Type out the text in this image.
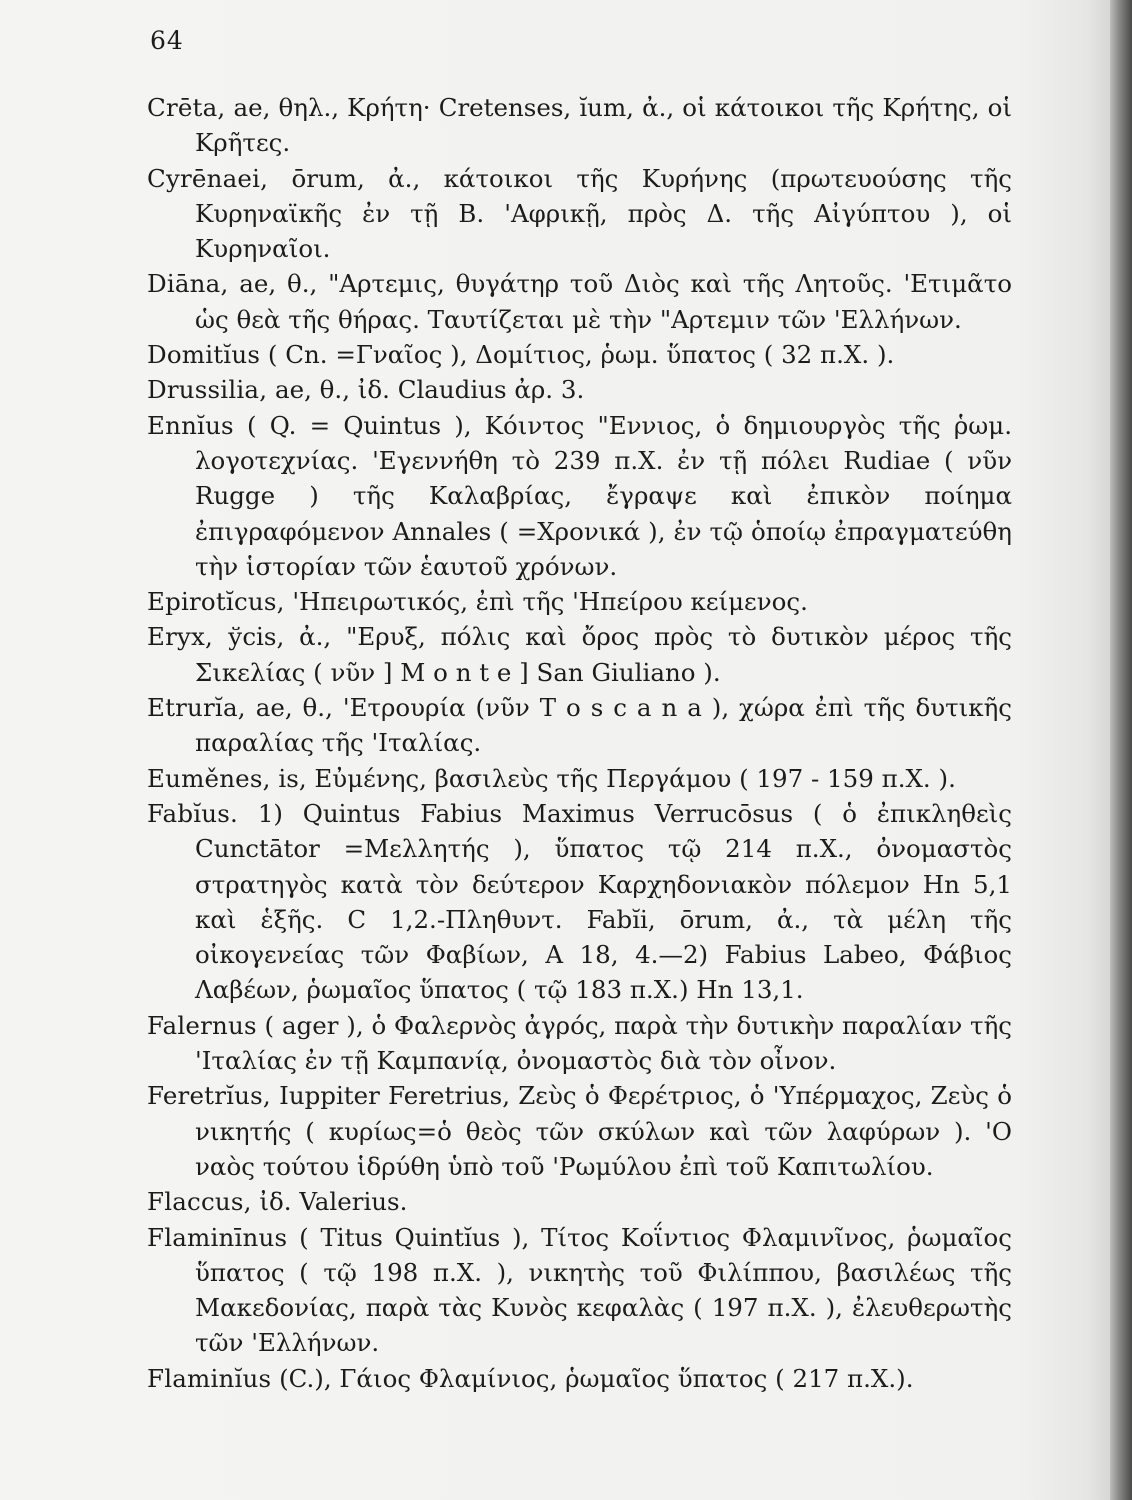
64

Crēta, ae, θηλ., Κρήτη· Cretenses, ĭum, ἀ., οἱ κάτοικοι τῆς Κρήτης, οἱ Κρῆτες.

Cyrēnaei, ōrum, ἀ., κάτοικοι τῆς Κυρήνης (πρωτευούσης τῆς Κυρηναϊκῆς ἐν τῇ Β. 'Αφρικῇ, πρὸς Δ. τῆς Αἰγύπτου ), οἱ Κυρηναῖοι.

Diāna, ae, θ., "Αρτεμις, θυγάτηρ τοῦ Διὸς καὶ τῆς Λητοῦς. 'Ετιμᾶτο ὡς θεὰ τῆς θήρας. Ταυτίζεται μὲ τὴν "Αρτεμιν τῶν 'Ελλήνων.

Domitĭus ( Cn. =Γναῖος ), Δομίτιος, ῥωμ. ὕπατος ( 32 π.Χ. ).

Drussilia, ae, θ., ἰδ. Claudius ἀρ. 3.

Ennĭus ( Q. = Quintus ), Κόιντος "Εννιος, ὁ δημιουργὸς τῆς ῥωμ. λογοτεχνίας. 'Εγεννήθη τὸ 239 π.Χ. ἐν τῇ πόλει Rudiae ( νῦν Rugge ) τῆς Καλαβρίας, ἔγραψε καὶ ἐπικὸν ποίημα ἐπιγραφόμενον Annales ( =Χρονικά ), ἐν τῷ ὁποίῳ ἐπραγματεύθη τὴν ἱστορίαν τῶν ἑαυτοῦ χρόνων.

Epirotĭcus, 'Ηπειρωτικός, ἐπὶ τῆς 'Ηπείρου κείμενος.

Eryx, ўcis, ἀ., "Ερυξ, πόλις καὶ ὄρος πρὸς τὸ δυτικὸν μέρος τῆς Σικελίας ( νῦν ] M o n t e ] San Giuliano ).

Etrurĭa, ae, θ., 'Ετρουρία (νῦν T o s c a n a ), χώρα ἐπὶ τῆς δυτικῆς παραλίας τῆς 'Ιταλίας.

Euměnes, is, Εὐμένης, βασιλεὺς τῆς Περγάμου ( 197 - 159 π.Χ. ).

Fabĭus. 1) Quintus Fabius Maximus Verrucōsus ( ὁ ἐπικληθεὶς Cunctātor =Μελλητής ), ὕπατος τῷ 214 π.Χ., ὀνομαστὸς στρατηγὸς κατὰ τὸν δεύτερον Καρχηδονιακὸν πόλεμον Hn 5,1 καὶ ἑξῆς. C 1,2.-Πληθυντ. Fabĭi, ōrum, ἀ., τὰ μέλη τῆς οἰκογενείας τῶν Φαβίων, A 18, 4.—2) Fabius Labeo, Φάβιος Λαβέων, ῥωμαῖος ὕπατος ( τῷ 183 π.Χ.) Hn 13,1.

Falernus ( ager ), ὁ Φαλερνὸς ἀγρός, παρὰ τὴν δυτικὴν παραλίαν τῆς 'Ιταλίας ἐν τῇ Καμπανίᾳ, ὀνομαστὸς διὰ τὸν οἶνον.

Feretrĭus, Iuppiter Feretrius, Ζεὺς ὁ Φερέτριος, ὁ 'Υπέρμαχος, Ζεὺς ὁ νικητής ( κυρίως=ὁ θεὸς τῶν σκύλων καὶ τῶν λαφύρων ). 'Ο ναὸς τούτου ἱδρύθη ὑπὸ τοῦ 'Ρωμύλου ἐπὶ τοῦ Καπιτωλίου.

Flaccus, ἰδ. Valerius.

Flaminīnus ( Titus Quintĭus ), Τίτος Κοΐντιος Φλαμινῖνος, ῥωμαῖος ὕπατος ( τῷ 198 π.Χ. ), νικητὴς τοῦ Φιλίππου, βασιλέως τῆς Μακεδονίας, παρὰ τὰς Κυνὸς κεφαλὰς ( 197 π.Χ. ), ἐλευθερωτὴς τῶν 'Ελλήνων.

Flaminĭus (C.), Γάιος Φλαμίνιος, ῥωμαῖος ὕπατος ( 217 π.Χ.).
